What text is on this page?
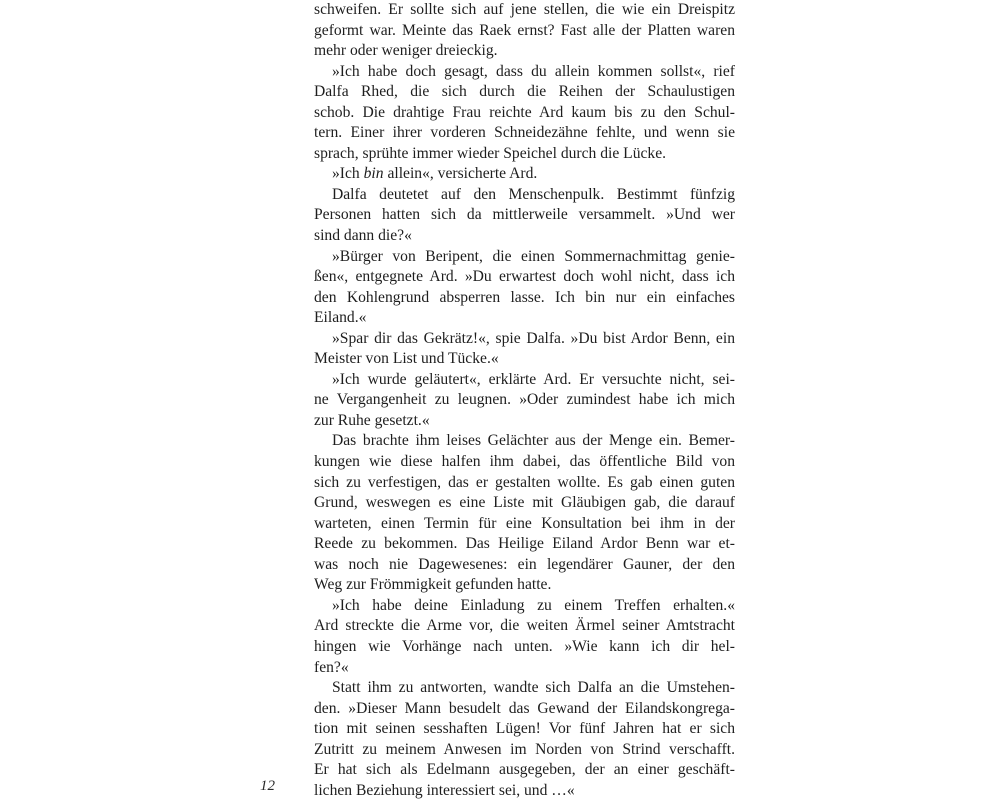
schweifen. Er sollte sich auf jene stellen, die wie ein Dreispitz
geformt war. Meinte das Raek ernst? Fast alle der Platten waren
mehr oder weniger dreieckig.
»Ich habe doch gesagt, dass du allein kommen sollst«, rief
Dalfa Rhed, die sich durch die Reihen der Schaulustigen
schob. Die drahtige Frau reichte Ard kaum bis zu den Schul-
tern. Einer ihrer vorderen Schneidezähne fehlte, und wenn sie
sprach, sprühte immer wieder Speichel durch die Lücke.
»Ich bin allein«, versicherte Ard.
Dalfa deutetet auf den Menschenpulk. Bestimmt fünfzig
Personen hatten sich da mittlerweile versammelt. »Und wer
sind dann die?«
»Bürger von Beripent, die einen Sommernachmittag genie-
ßen«, entgegnete Ard. »Du erwartest doch wohl nicht, dass ich
den Kohlengrund absperren lasse. Ich bin nur ein einfaches
Eiland.«
»Spar dir das Gekrätz!«, spie Dalfa. »Du bist Ardor Benn, ein
Meister von List und Tücke.«
»Ich wurde geläutert«, erklärte Ard. Er versuchte nicht, sei-
ne Vergangenheit zu leugnen. »Oder zumindest habe ich mich
zur Ruhe gesetzt.«
Das brachte ihm leises Gelächter aus der Menge ein. Bemer-
kungen wie diese halfen ihm dabei, das öffentliche Bild von
sich zu verfestigen, das er gestalten wollte. Es gab einen guten
Grund, weswegen es eine Liste mit Gläubigen gab, die darauf
warteten, einen Termin für eine Konsultation bei ihm in der
Reede zu bekommen. Das Heilige Eiland Ardor Benn war et-
was noch nie Dagewesenes: ein legendärer Gauner, der den
Weg zur Frömmigkeit gefunden hatte.
»Ich habe deine Einladung zu einem Treffen erhalten.«
Ard streckte die Arme vor, die weiten Ärmel seiner Amtstracht
hingen wie Vorhänge nach unten. »Wie kann ich dir hel-
fen?«
Statt ihm zu antworten, wandte sich Dalfa an die Umstehen-
den. »Dieser Mann besudelt das Gewand der Eilandskongrega-
tion mit seinen sesshaften Lügen! Vor fünf Jahren hat er sich
Zutritt zu meinem Anwesen im Norden von Strind verschafft.
Er hat sich als Edelmann ausgegeben, der an einer geschäft-
lichen Beziehung interessiert sei, und …«
12
